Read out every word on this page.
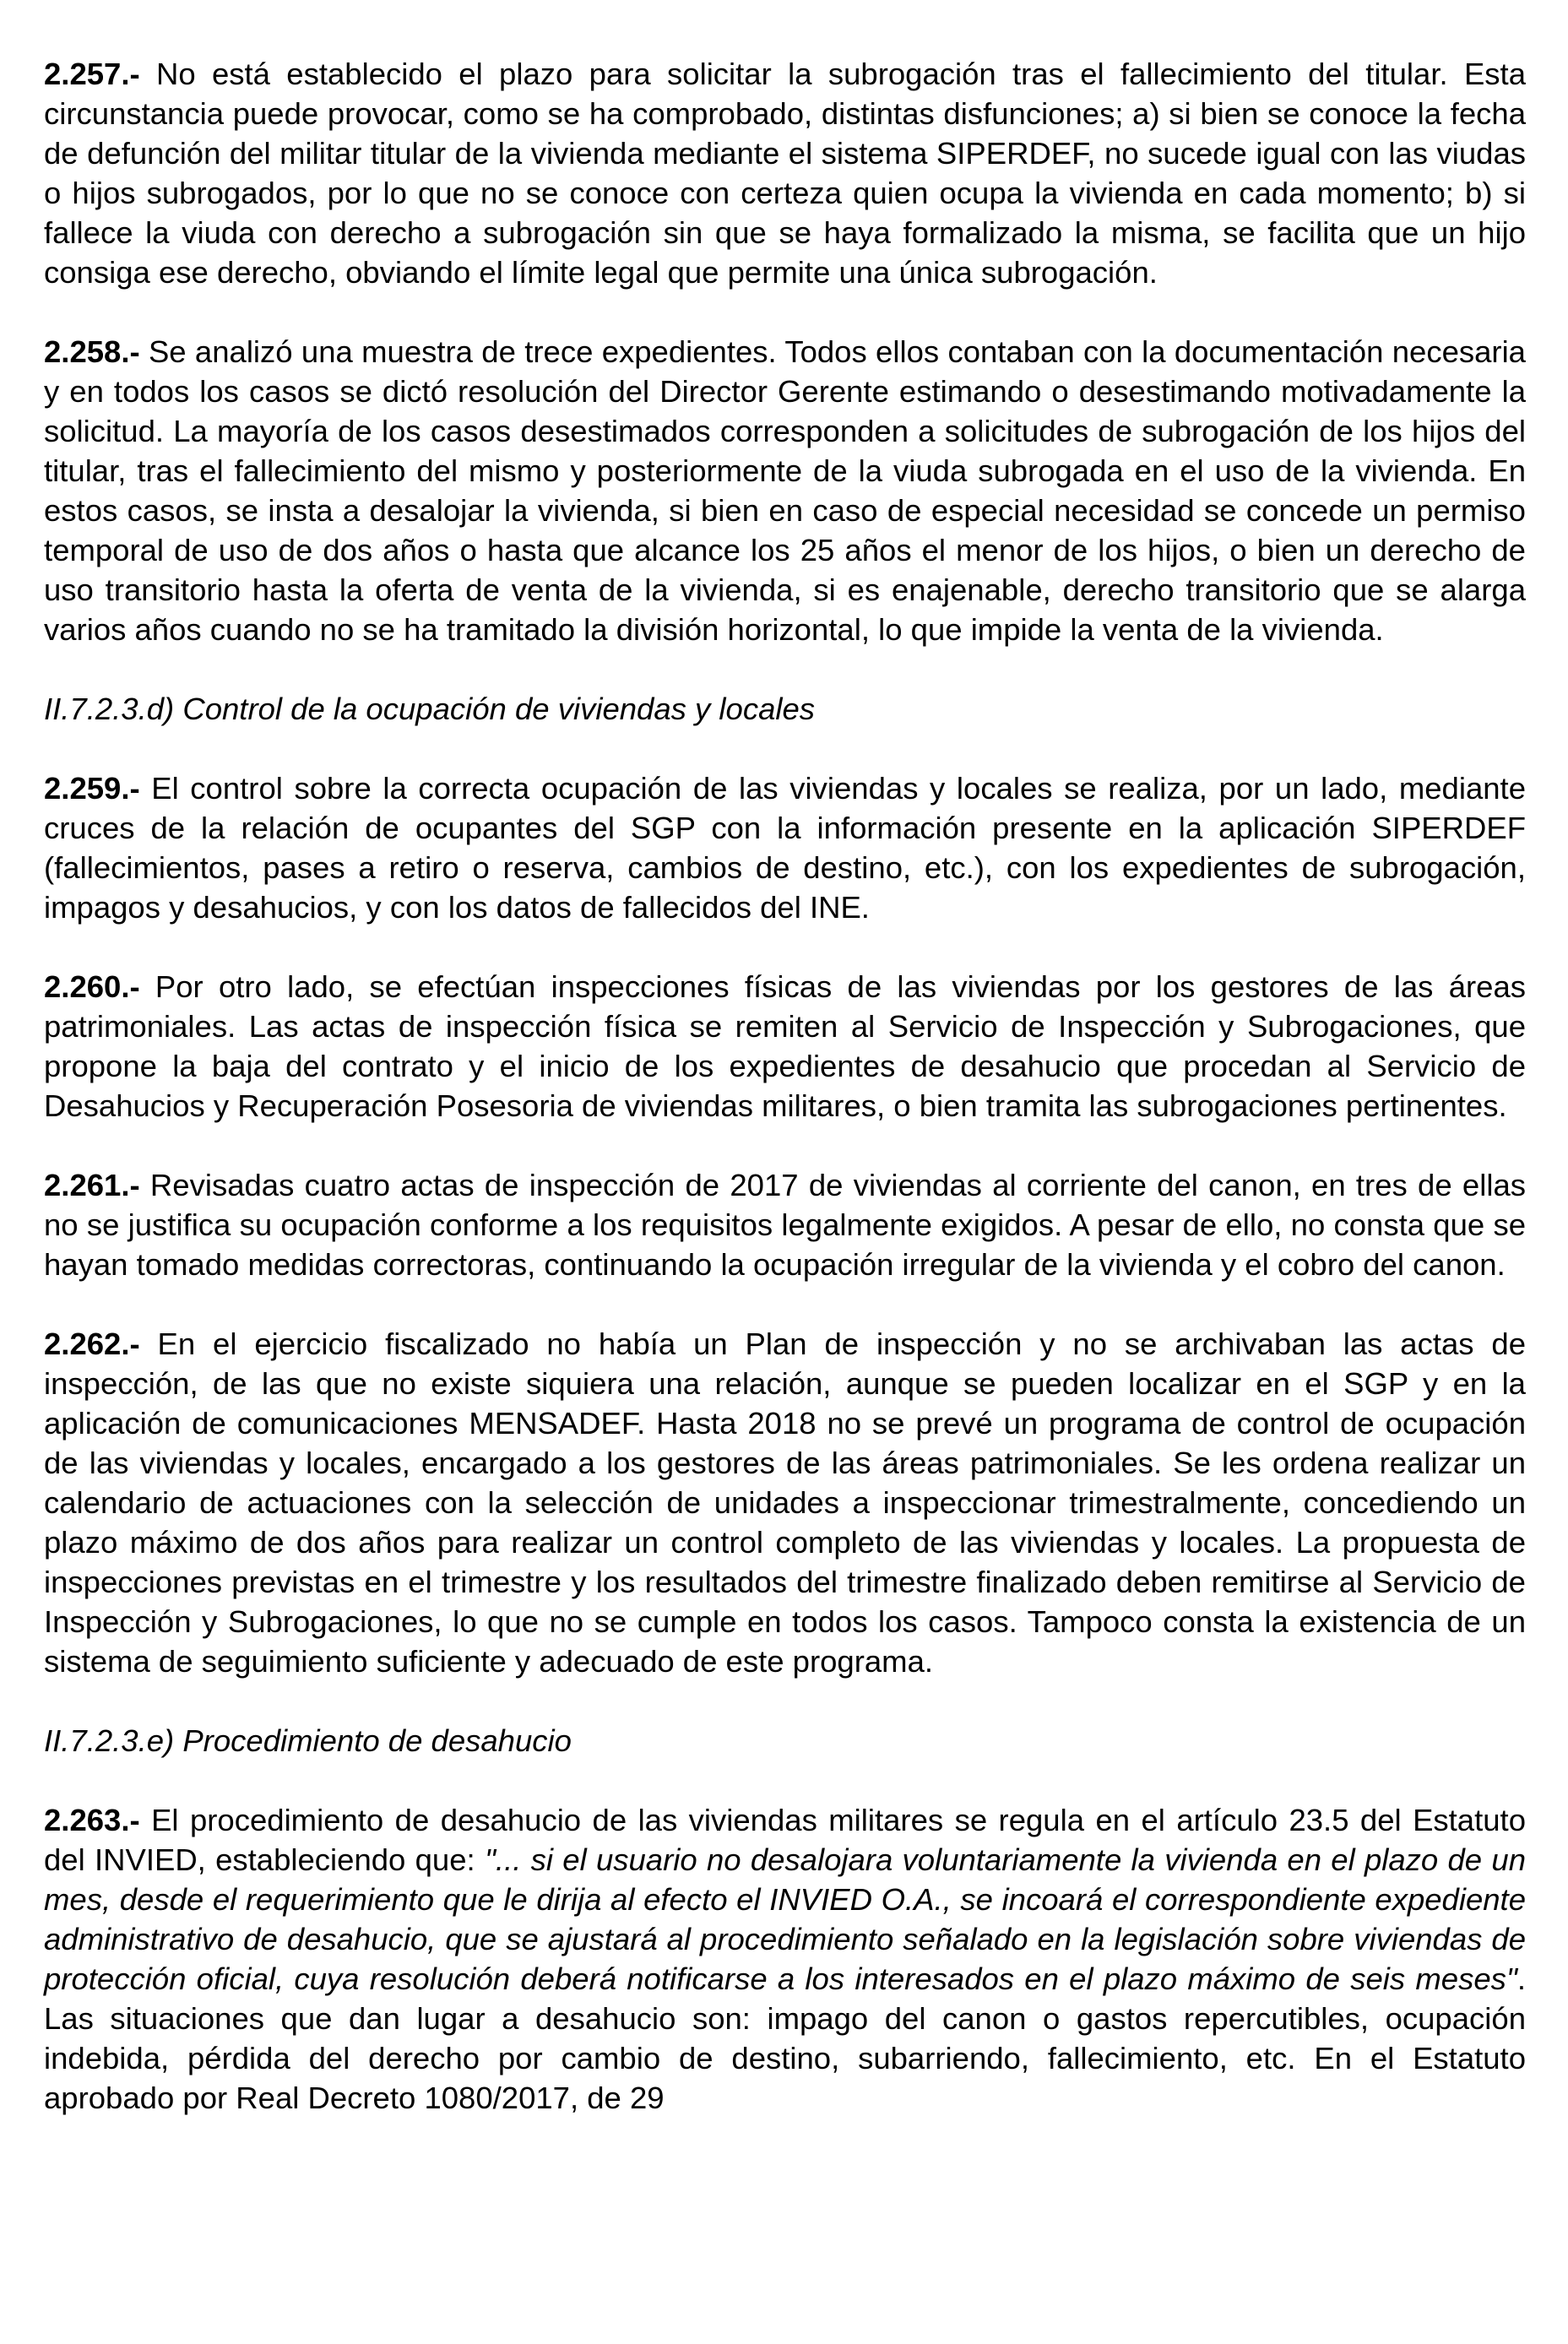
2.257.- No está establecido el plazo para solicitar la subrogación tras el fallecimiento del titular. Esta circunstancia puede provocar, como se ha comprobado, distintas disfunciones; a) si bien se conoce la fecha de defunción del militar titular de la vivienda mediante el sistema SIPERDEF, no sucede igual con las viudas o hijos subrogados, por lo que no se conoce con certeza quien ocupa la vivienda en cada momento; b) si fallece la viuda con derecho a subrogación sin que se haya formalizado la misma, se facilita que un hijo consiga ese derecho, obviando el límite legal que permite una única subrogación.

2.258.- Se analizó una muestra de trece expedientes. Todos ellos contaban con la documentación necesaria y en todos los casos se dictó resolución del Director Gerente estimando o desestimando motivadamente la solicitud. La mayoría de los casos desestimados corresponden a solicitudes de subrogación de los hijos del titular, tras el fallecimiento del mismo y posteriormente de la viuda subrogada en el uso de la vivienda. En estos casos, se insta a desalojar la vivienda, si bien en caso de especial necesidad se concede un permiso temporal de uso de dos años o hasta que alcance los 25 años el menor de los hijos, o bien un derecho de uso transitorio hasta la oferta de venta de la vivienda, si es enajenable, derecho transitorio que se alarga varios años cuando no se ha tramitado la división horizontal, lo que impide la venta de la vivienda.

II.7.2.3.d) Control de la ocupación de viviendas y locales

2.259.- El control sobre la correcta ocupación de las viviendas y locales se realiza, por un lado, mediante cruces de la relación de ocupantes del SGP con la información presente en la aplicación SIPERDEF (fallecimientos, pases a retiro o reserva, cambios de destino, etc.), con los expedientes de subrogación, impagos y desahucios, y con los datos de fallecidos del INE.

2.260.- Por otro lado, se efectúan inspecciones físicas de las viviendas por los gestores de las áreas patrimoniales. Las actas de inspección física se remiten al Servicio de Inspección y Subrogaciones, que propone la baja del contrato y el inicio de los expedientes de desahucio que procedan al Servicio de Desahucios y Recuperación Posesoria de viviendas militares, o bien tramita las subrogaciones pertinentes.

2.261.- Revisadas cuatro actas de inspección de 2017 de viviendas al corriente del canon, en tres de ellas no se justifica su ocupación conforme a los requisitos legalmente exigidos. A pesar de ello, no consta que se hayan tomado medidas correctoras, continuando la ocupación irregular de la vivienda y el cobro del canon.

2.262.- En el ejercicio fiscalizado no había un Plan de inspección y no se archivaban las actas de inspección, de las que no existe siquiera una relación, aunque se pueden localizar en el SGP y en la aplicación de comunicaciones MENSADEF. Hasta 2018 no se prevé un programa de control de ocupación de las viviendas y locales, encargado a los gestores de las áreas patrimoniales. Se les ordena realizar un calendario de actuaciones con la selección de unidades a inspeccionar trimestralmente, concediendo un plazo máximo de dos años para realizar un control completo de las viviendas y locales. La propuesta de inspecciones previstas en el trimestre y los resultados del trimestre finalizado deben remitirse al Servicio de Inspección y Subrogaciones, lo que no se cumple en todos los casos. Tampoco consta la existencia de un sistema de seguimiento suficiente y adecuado de este programa.

II.7.2.3.e) Procedimiento de desahucio

2.263.- El procedimiento de desahucio de las viviendas militares se regula en el artículo 23.5 del Estatuto del INVIED, estableciendo que: "... si el usuario no desalojara voluntariamente la vivienda en el plazo de un mes, desde el requerimiento que le dirija al efecto el INVIED O.A., se incoará el correspondiente expediente administrativo de desahucio, que se ajustará al procedimiento señalado en la legislación sobre viviendas de protección oficial, cuya resolución deberá notificarse a los interesados en el plazo máximo de seis meses". Las situaciones que dan lugar a desahucio son: impago del canon o gastos repercutibles, ocupación indebida, pérdida del derecho por cambio de destino, subarriendo, fallecimiento, etc. En el Estatuto aprobado por Real Decreto 1080/2017, de 29
